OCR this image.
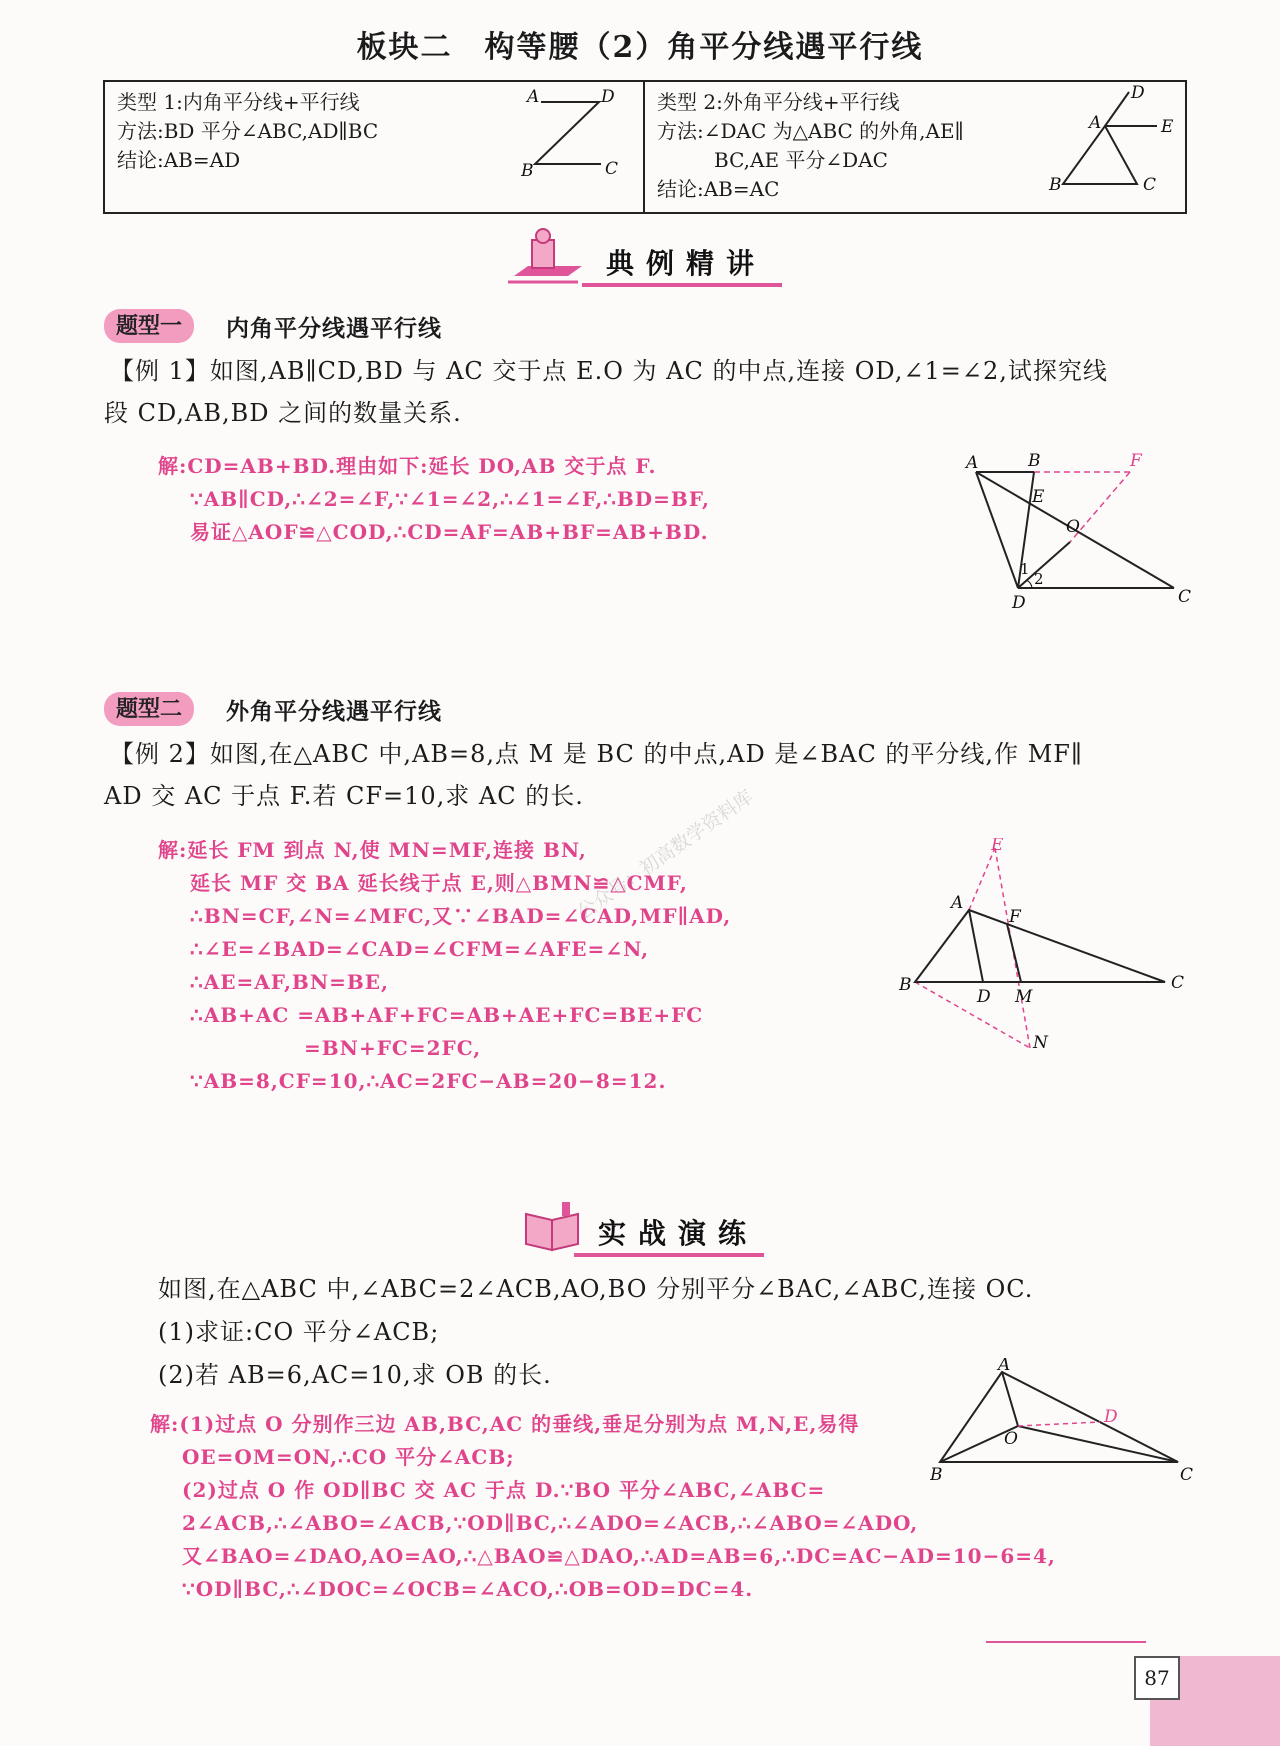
板块二　构等腰（2）角平分线遇平行线
类型 1:内角平分线+平行线
方法:BD 平分∠ABC,AD∥BC
结论:AB=AD
A	D
B	C
类型 2:外角平分线+平行线
方法:∠DAC 为△ABC 的外角,AE∥
BC,AE 平分∠DAC
结论:AB=AC
D
A	E
B	C
典例精讲
题型一	内角平分线遇平行线
【例 1】如图,AB∥CD,BD 与 AC 交于点 E.O 为 AC 的中点,连接 OD,∠1=∠2,试探究线
段 CD,AB,BD 之间的数量关系.
解:CD=AB+BD.理由如下:延长 DO,AB 交于点 F.
∵AB∥CD,∴∠2=∠F,∵∠1=∠2,∴∠1=∠F,∴BD=BF,
易证△AOF≌△COD,∴CD=AF=AB+BF=AB+BD.
A	B	F
E
O
1
2
D	C
题型二	外角平分线遇平行线
【例 2】如图,在△ABC 中,AB=8,点 M 是 BC 的中点,AD 是∠BAC 的平分线,作 MF∥
AD 交 AC 于点 F.若 CF=10,求 AC 的长.
解:延长 FM 到点 N,使 MN=MF,连接 BN,
延长 MF 交 BA 延长线于点 E,则△BMN≌△CMF,
∴BN=CF,∠N=∠MFC,又∵∠BAD=∠CAD,MF∥AD,
∴∠E=∠BAD=∠CAD=∠CFM=∠AFE=∠N,
∴AE=AF,BN=BE,
∴AB+AC =AB+AF+FC=AB+AE+FC=BE+FC
=BN+FC=2FC,
∵AB=8,CF=10,∴AC=2FC−AB=20−8=12.
E
A
F
B
D M
C
N
公众号：初高数学资料库
实战演练
如图,在△ABC 中,∠ABC=2∠ACB,AO,BO 分别平分∠BAC,∠ABC,连接 OC.
(1)求证:CO 平分∠ACB;
(2)若 AB=6,AC=10,求 OB 的长.
解:(1)过点 O 分别作三边 AB,BC,AC 的垂线,垂足分别为点 M,N,E,易得
OE=OM=ON,∴CO 平分∠ACB;
(2)过点 O 作 OD∥BC 交 AC 于点 D.∵BO 平分∠ABC,∠ABC=
2∠ACB,∴∠ABO=∠ACB,∵OD∥BC,∴∠ADO=∠ACB,∴∠ABO=∠ADO,
又∠BAO=∠DAO,AO=AO,∴△BAO≌△DAO,∴AD=AB=6,∴DC=AC−AD=10−6=4,
∵OD∥BC,∴∠DOC=∠OCB=∠ACO,∴OB=OD=DC=4.
A
D
O
B	C
87
